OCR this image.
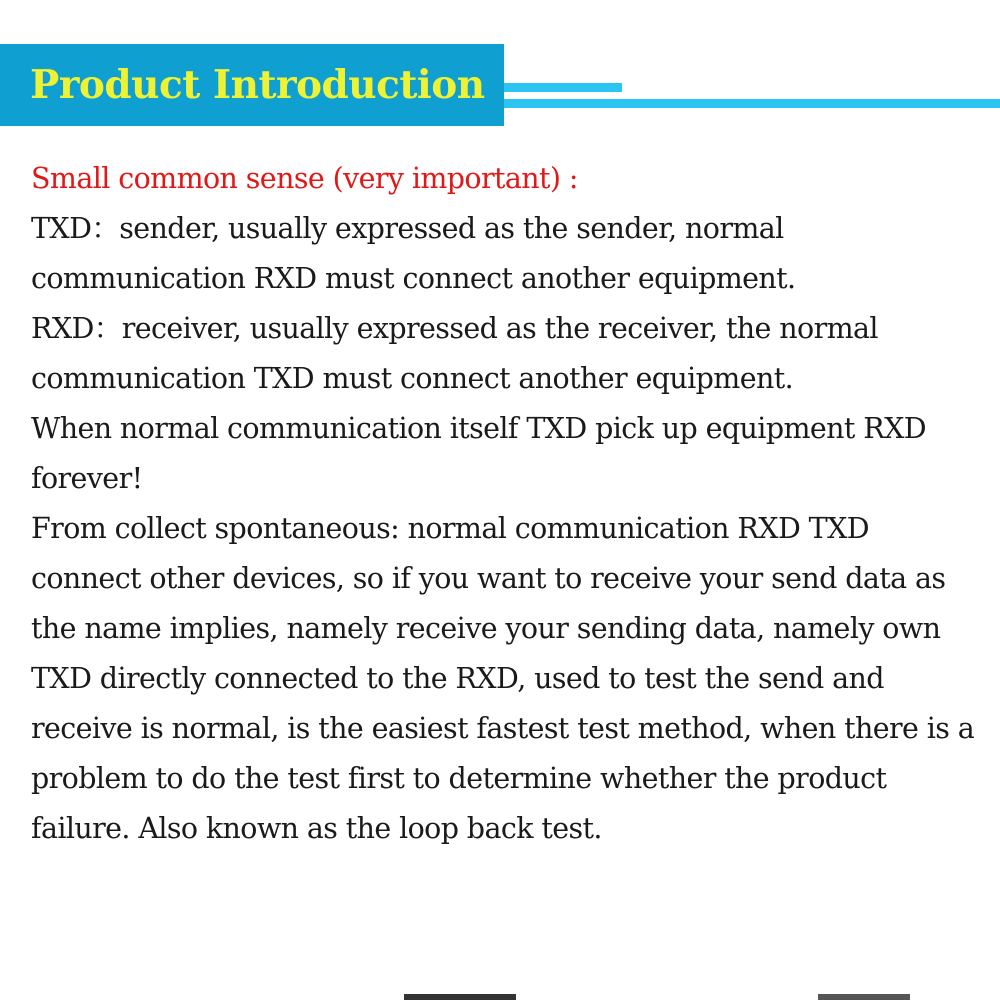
Product Introduction

Small common sense (very important) :

TXD：sender, usually expressed as the sender, normal communication RXD must connect another equipment.

RXD：receiver, usually expressed as the receiver, the normal communication TXD must connect another equipment.

When normal communication itself TXD pick up equipment RXD forever!

From collect spontaneous: normal communication RXD TXD connect other devices, so if you want to receive your send data as the name implies, namely receive your sending data, namely own TXD directly connected to the RXD, used to test the send and receive is normal, is the easiest fastest test method, when there is a problem to do the test first to determine whether the product failure. Also known as the loop back test.
